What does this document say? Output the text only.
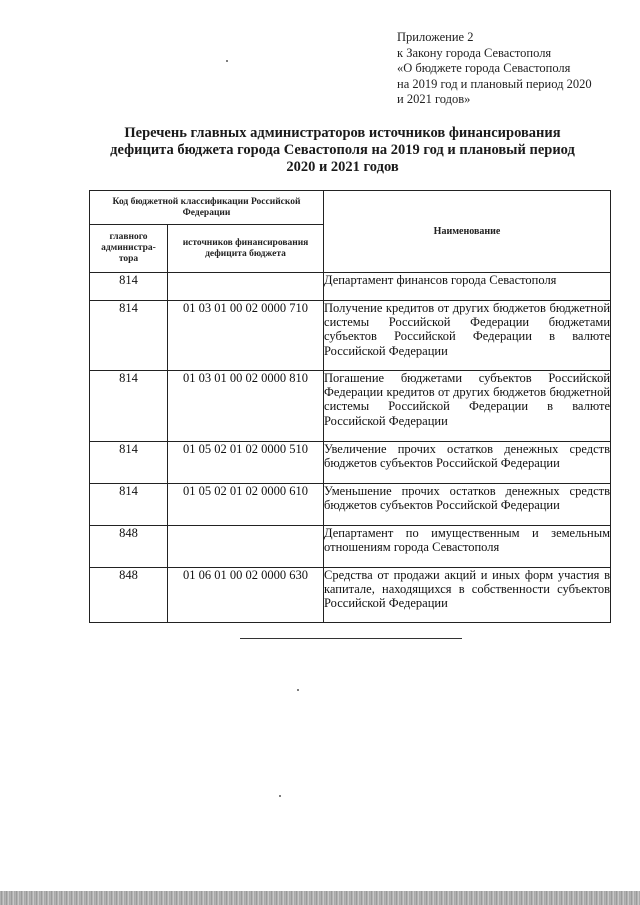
Приложение 2
к Закону города Севастополя
«О бюджете города Севастополя
на 2019 год и плановый период 2020
и 2021 годов»
Перечень главных администраторов источников финансирования
дефицита бюджета города Севастополя на 2019 год и плановый период
2020 и 2021 годов
Код бюджетной классификации Российской Федерации		Наименование
главного администра-тора	источников финансирования дефицита бюджета	
814		Департамент финансов города Севастополя
814	01 03 01 00 02 0000 710	Получение кредитов от других бюджетов бюджетной системы Российской Федерации бюджетами субъектов Российской Федерации в валюте Российской Федерации
814	01 03 01 00 02 0000 810	Погашение бюджетами субъектов Российской Федерации кредитов от других бюджетов бюджетной системы Российской Федерации в валюте Российской Федерации
814	01 05 02 01 02 0000 510	Увеличение прочих остатков денежных средств бюджетов субъектов Российской Федерации
814	01 05 02 01 02 0000 610	Уменьшение прочих остатков денежных средств бюджетов субъектов Российской Федерации
848		Департамент по имущественным и земельным отношениям города Севастополя
848	01 06 01 00 02 0000 630	Средства от продажи акций и иных форм участия в капитале, находящихся в собственности субъектов Российской Федерации
